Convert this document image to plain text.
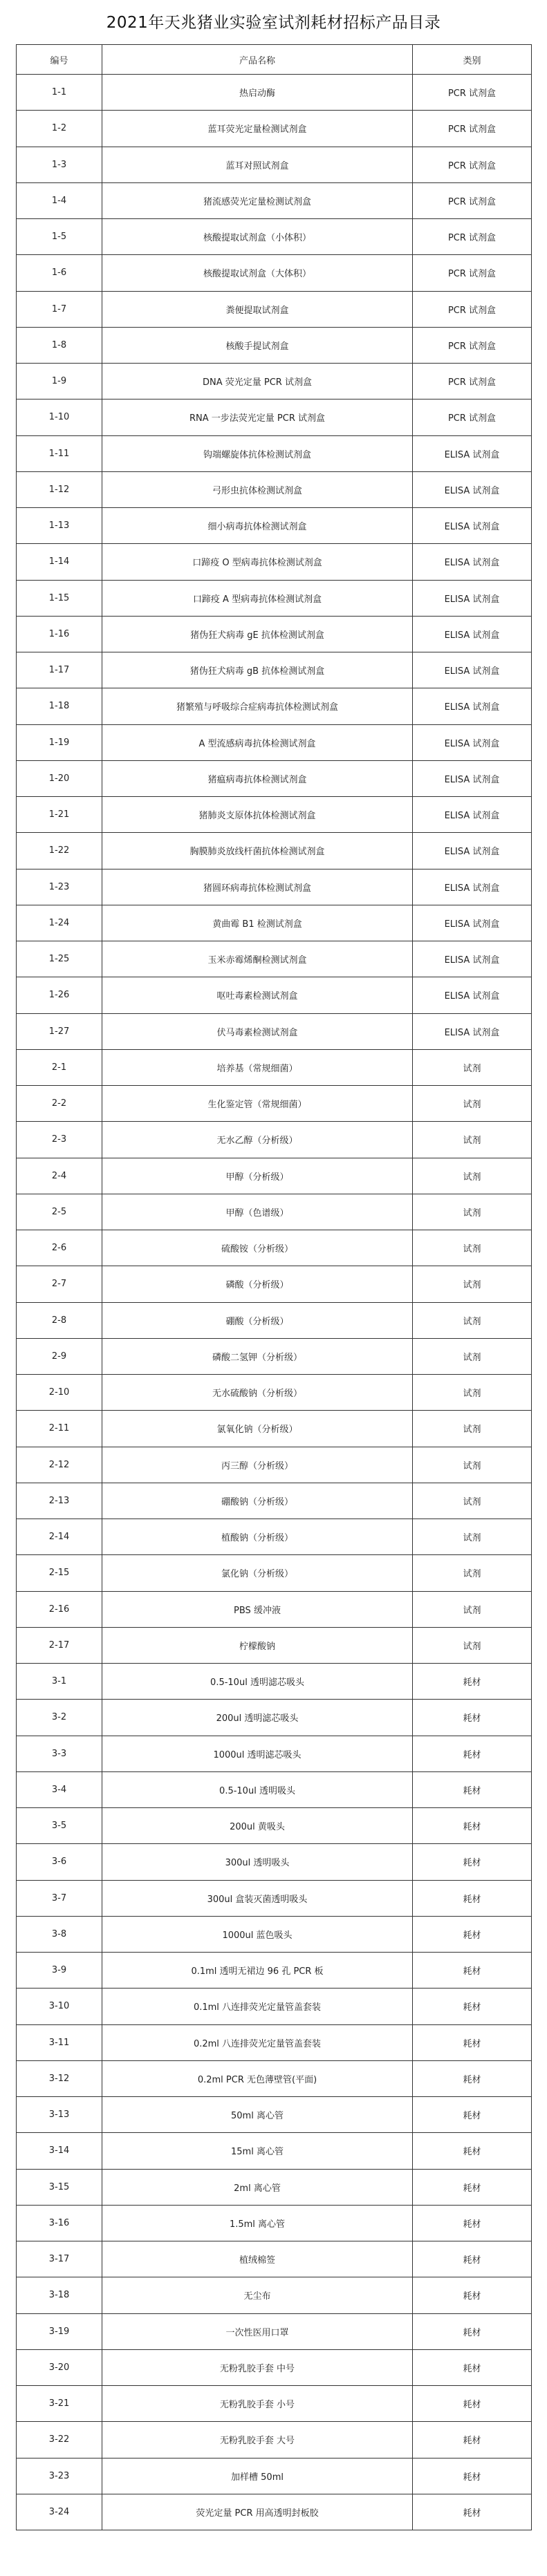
2021年天兆猪业实验室试剂耗材招标产品目录
编号	产品名称	类别
1-1	热启动酶	PCR 试剂盒
1-2	蓝耳荧光定量检测试剂盒	PCR 试剂盒
1-3	蓝耳对照试剂盒	PCR 试剂盒
1-4	猪流感荧光定量检测试剂盒	PCR 试剂盒
1-5	核酸提取试剂盒（小体积）	PCR 试剂盒
1-6	核酸提取试剂盒（大体积）	PCR 试剂盒
1-7	粪便提取试剂盒	PCR 试剂盒
1-8	核酸手提试剂盒	PCR 试剂盒
1-9	DNA 荧光定量 PCR 试剂盒	PCR 试剂盒
1-10	RNA 一步法荧光定量 PCR 试剂盒	PCR 试剂盒
1-11	钩端螺旋体抗体检测试剂盒	ELISA 试剂盒
1-12	弓形虫抗体检测试剂盒	ELISA 试剂盒
1-13	细小病毒抗体检测试剂盒	ELISA 试剂盒
1-14	口蹄疫 O 型病毒抗体检测试剂盒	ELISA 试剂盒
1-15	口蹄疫 A 型病毒抗体检测试剂盒	ELISA 试剂盒
1-16	猪伪狂犬病毒 gE 抗体检测试剂盒	ELISA 试剂盒
1-17	猪伪狂犬病毒 gB 抗体检测试剂盒	ELISA 试剂盒
1-18	猪繁殖与呼吸综合症病毒抗体检测试剂盒	ELISA 试剂盒
1-19	A 型流感病毒抗体检测试剂盒	ELISA 试剂盒
1-20	猪瘟病毒抗体检测试剂盒	ELISA 试剂盒
1-21	猪肺炎支原体抗体检测试剂盒	ELISA 试剂盒
1-22	胸膜肺炎放线杆菌抗体检测试剂盒	ELISA 试剂盒
1-23	猪圆环病毒抗体检测试剂盒	ELISA 试剂盒
1-24	黄曲霉 B1 检测试剂盒	ELISA 试剂盒
1-25	玉米赤霉烯酮检测试剂盒	ELISA 试剂盒
1-26	呕吐毒素检测试剂盒	ELISA 试剂盒
1-27	伏马毒素检测试剂盒	ELISA 试剂盒
2-1	培养基（常规细菌）	试剂
2-2	生化鉴定管（常规细菌）	试剂
2-3	无水乙醇（分析级）	试剂
2-4	甲醇（分析级）	试剂
2-5	甲醇（色谱级）	试剂
2-6	硫酸铵（分析级）	试剂
2-7	磷酸（分析级）	试剂
2-8	硼酸（分析级）	试剂
2-9	磷酸二氢钾（分析级）	试剂
2-10	无水硫酸钠（分析级）	试剂
2-11	氯氧化钠（分析级）	试剂
2-12	丙三醇（分析级）	试剂
2-13	硼酸钠（分析级）	试剂
2-14	植酸钠（分析级）	试剂
2-15	氯化钠（分析级）	试剂
2-16	PBS 缓冲液	试剂
2-17	柠檬酸钠	试剂
3-1	0.5-10ul 透明滤芯吸头	耗材
3-2	200ul 透明滤芯吸头	耗材
3-3	1000ul 透明滤芯吸头	耗材
3-4	0.5-10ul 透明吸头	耗材
3-5	200ul 黄吸头	耗材
3-6	300ul 透明吸头	耗材
3-7	300ul 盒装灭菌透明吸头	耗材
3-8	1000ul 蓝色吸头	耗材
3-9	0.1ml 透明无裙边 96 孔 PCR 板	耗材
3-10	0.1ml 八连排荧光定量管盖套装	耗材
3-11	0.2ml 八连排荧光定量管盖套装	耗材
3-12	0.2ml PCR 无色薄壁管(平面)	耗材
3-13	50ml 离心管	耗材
3-14	15ml 离心管	耗材
3-15	2ml 离心管	耗材
3-16	1.5ml 离心管	耗材
3-17	植绒棉签	耗材
3-18	无尘布	耗材
3-19	一次性医用口罩	耗材
3-20	无粉乳胶手套 中号	耗材
3-21	无粉乳胶手套 小号	耗材
3-22	无粉乳胶手套 大号	耗材
3-23	加样槽 50ml	耗材
3-24	荧光定量 PCR 用高透明封板胶	耗材
